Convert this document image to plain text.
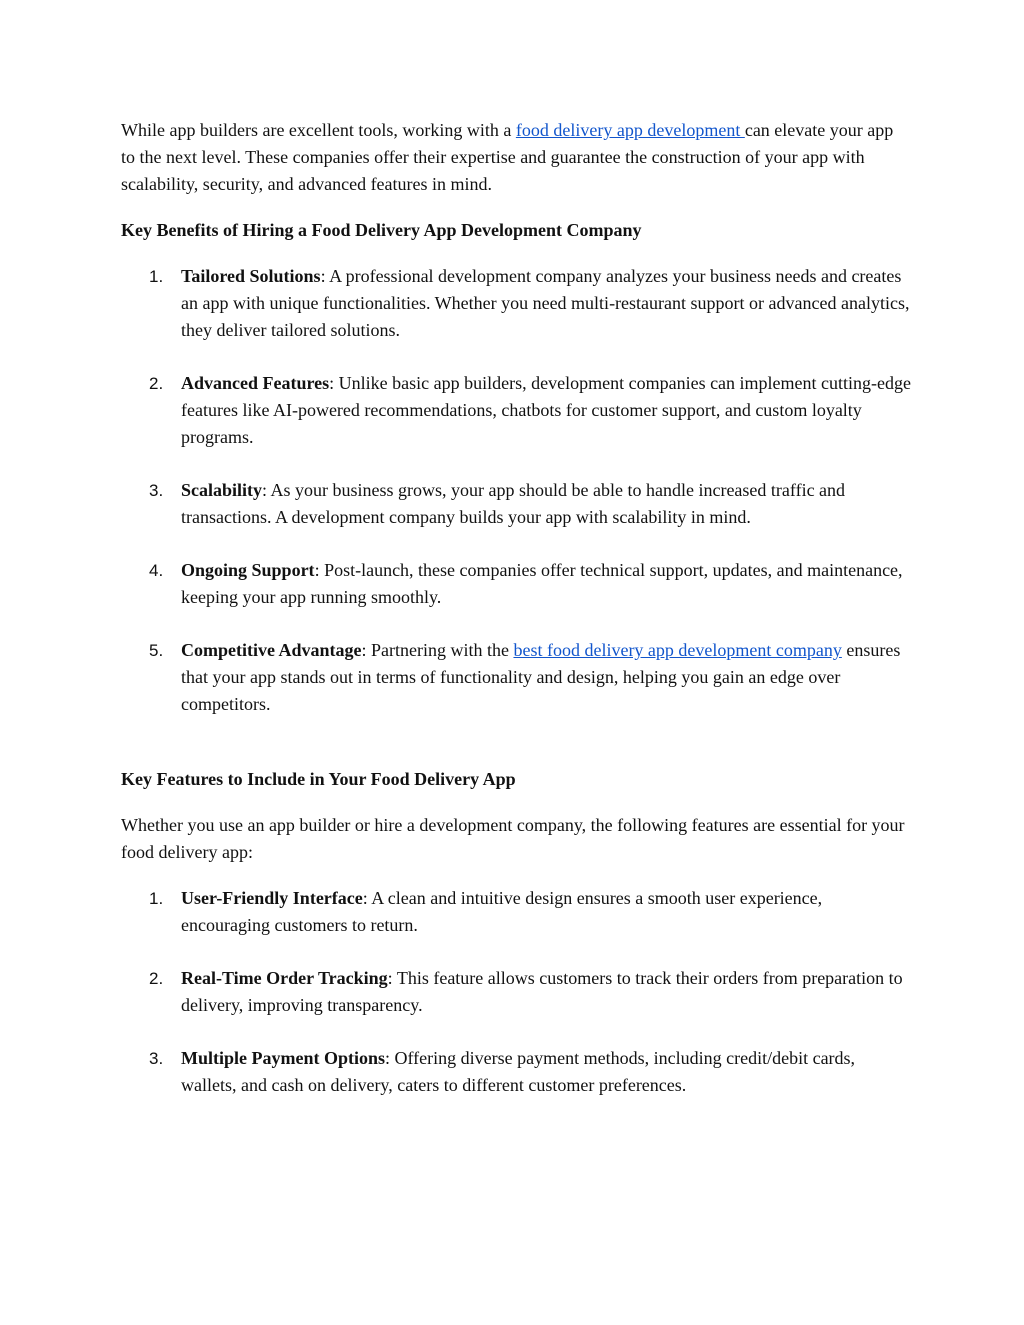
While app builders are excellent tools, working with a food delivery app development can elevate your app to the next level. These companies offer their expertise and guarantee the construction of your app with scalability, security, and advanced features in mind.

Key Benefits of Hiring a Food Delivery App Development Company
1. Tailored Solutions: A professional development company analyzes your business needs and creates an app with unique functionalities. Whether you need multi-restaurant support or advanced analytics, they deliver tailored solutions.
2. Advanced Features: Unlike basic app builders, development companies can implement cutting-edge features like AI-powered recommendations, chatbots for customer support, and custom loyalty programs.
3. Scalability: As your business grows, your app should be able to handle increased traffic and transactions. A development company builds your app with scalability in mind.
4. Ongoing Support: Post-launch, these companies offer technical support, updates, and maintenance, keeping your app running smoothly.
5. Competitive Advantage: Partnering with the best food delivery app development company ensures that your app stands out in terms of functionality and design, helping you gain an edge over competitors.
Key Features to Include in Your Food Delivery App

Whether you use an app builder or hire a development company, the following features are essential for your food delivery app:

1. User-Friendly Interface: A clean and intuitive design ensures a smooth user experience, encouraging customers to return.
2. Real-Time Order Tracking: This feature allows customers to track their orders from preparation to delivery, improving transparency.
3. Multiple Payment Options: Offering diverse payment methods, including credit/debit cards, wallets, and cash on delivery, caters to different customer preferences.
